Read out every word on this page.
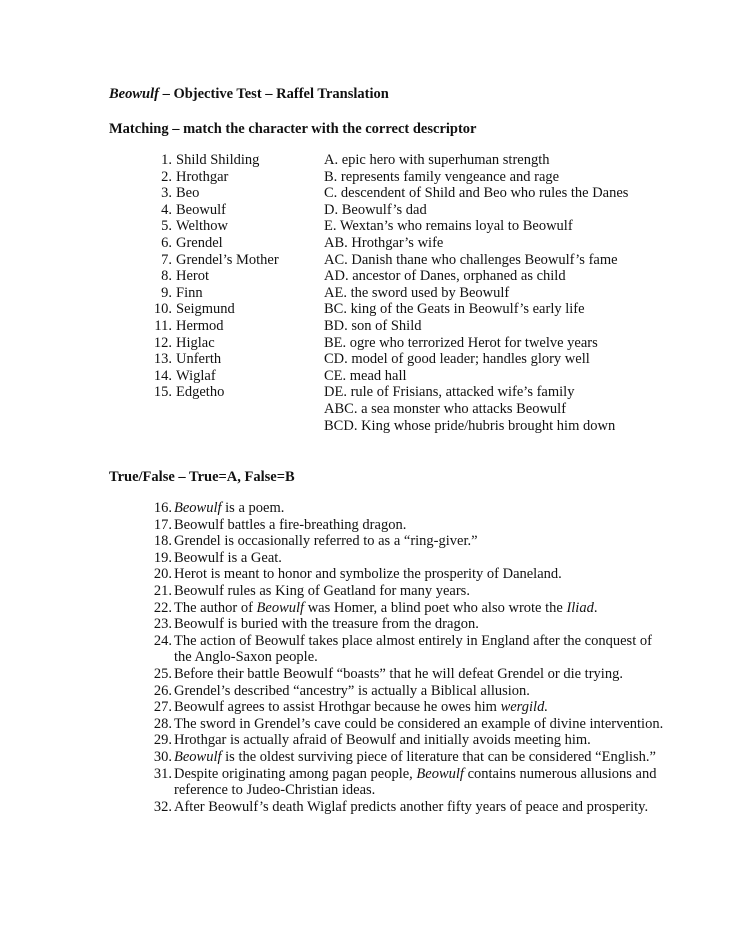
Beowulf – Objective Test – Raffel Translation
Matching – match the character with the correct descriptor
1. Shild Shilding
2. Hrothgar
3. Beo
4. Beowulf
5. Welthow
6. Grendel
7. Grendel’s Mother
8. Herot
9. Finn
10. Seigmund
11. Hermod
12. Higlac
13. Unferth
14. Wiglaf
15. Edgetho
A. epic hero with superhuman strength
B. represents family vengeance and rage
C. descendent of Shild and Beo who rules the Danes
D. Beowulf’s dad
E. Wextan’s who remains loyal to Beowulf
AB. Hrothgar’s wife
AC. Danish thane who challenges Beowulf’s fame
AD. ancestor of Danes, orphaned as child
AE. the sword used by Beowulf
BC. king of the Geats in Beowulf’s early life
BD. son of Shild
BE. ogre who terrorized Herot for twelve years
CD. model of good leader; handles glory well
CE. mead hall
DE. rule of Frisians, attacked wife’s family
ABC. a sea monster who attacks Beowulf
BCD. King whose pride/hubris brought him down
True/False – True=A, False=B
16. Beowulf is a poem.
17. Beowulf battles a fire-breathing dragon.
18. Grendel is occasionally referred to as a “ring-giver.”
19. Beowulf is a Geat.
20. Herot is meant to honor and symbolize the prosperity of Daneland.
21. Beowulf rules as King of Geatland for many years.
22. The author of Beowulf was Homer, a blind poet who also wrote the Iliad.
23. Beowulf is buried with the treasure from the dragon.
24. The action of Beowulf takes place almost entirely in England after the conquest of the Anglo-Saxon people.
25. Before their battle Beowulf “boasts” that he will defeat Grendel or die trying.
26. Grendel’s described “ancestry” is actually a Biblical allusion.
27. Beowulf agrees to assist Hrothgar because he owes him wergild.
28. The sword in Grendel’s cave could be considered an example of divine intervention.
29. Hrothgar is actually afraid of Beowulf and initially avoids meeting him.
30. Beowulf is the oldest surviving piece of literature that can be considered “English.”
31. Despite originating among pagan people, Beowulf contains numerous allusions and reference to Judeo-Christian ideas.
32. After Beowulf’s death Wiglaf predicts another fifty years of peace and prosperity.
